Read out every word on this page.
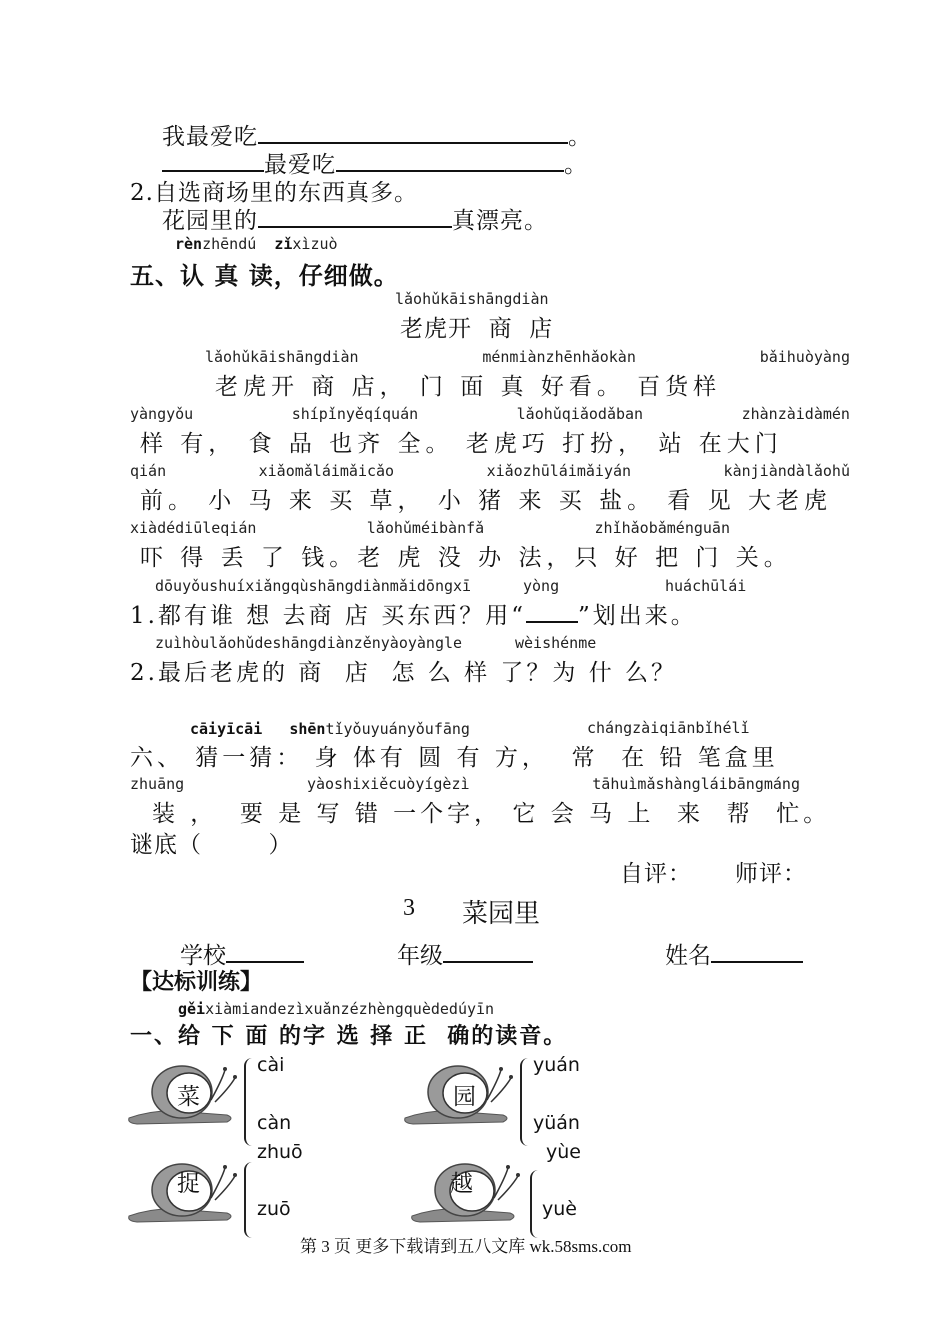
我最爱吃	。
最爱吃	。
2.自选商场里的东西真多。
花园里的	真漂亮。
rènzhēndú zǐxìzuò
五、认 真 读，仔细做。
lǎohǔkāishāngdiàn
老虎开  商  店
lǎohǔkāishāngdiàn	ménmiànzhēnhǎokàn	bǎihuòyàng
老虎开 商 店， 门 面 真 好看。 百货样
yàngyǒu	shípǐnyěqíquán	lǎohǔqiǎodǎban	zhànzàidàmén
样 有， 食 品 也齐 全。 老虎巧 打扮， 站 在大门
qián	xiǎomǎláimǎicǎo	xiǎozhūláimǎiyán	kànjiàndàlǎohǔ
前。 小 马 来 买 草， 小 猪 来 买 盐。 看 见 大老虎
xiàdédiūleqián	lǎohǔméibànfǎ	zhǐhǎobǎménguān
吓 得 丢 了 钱。老 虎 没 办 法，只 好 把 门 关。
dōuyǒushuíxiǎngqùshāngdiànmǎidōngxī	yòng	huáchūlái
1.都有谁 想 去商 店 买东西？用“ ”划出来。
zuìhòulǎohǔdeshāngdiànzěnyàoyàngle	wèishénme
2.最后老虎的 商  店  怎 么 样 了？为 什 么？
cāiyīcāi shēntǐyǒuyuányǒufāng	chángzàiqiānbǐhélǐ
六、 猜一猜： 身 体有 圆 有 方，  常  在 铅 笔盒里
zhuāng	yàoshixiěcuòyígèzì	tāhuìmǎshàngláibāngmáng
装 ，  要 是 写 错 一个字， 它 会 马 上  来  帮  忙。
谜底（        ）
自评： 师评：
3 菜园里
学校	年级	姓名
【达标训练】
gěixiàmiandezìxuǎnzézhèngquèdedúyīn
一、给 下 面 的字 选 择 正  确的读音。
菜
cài
càn
园
yuán
yüán
捉
zhuō
zuō
越
yùe
yuè
第 3 页 更多下载请到五八文库 wk.58sms.com
